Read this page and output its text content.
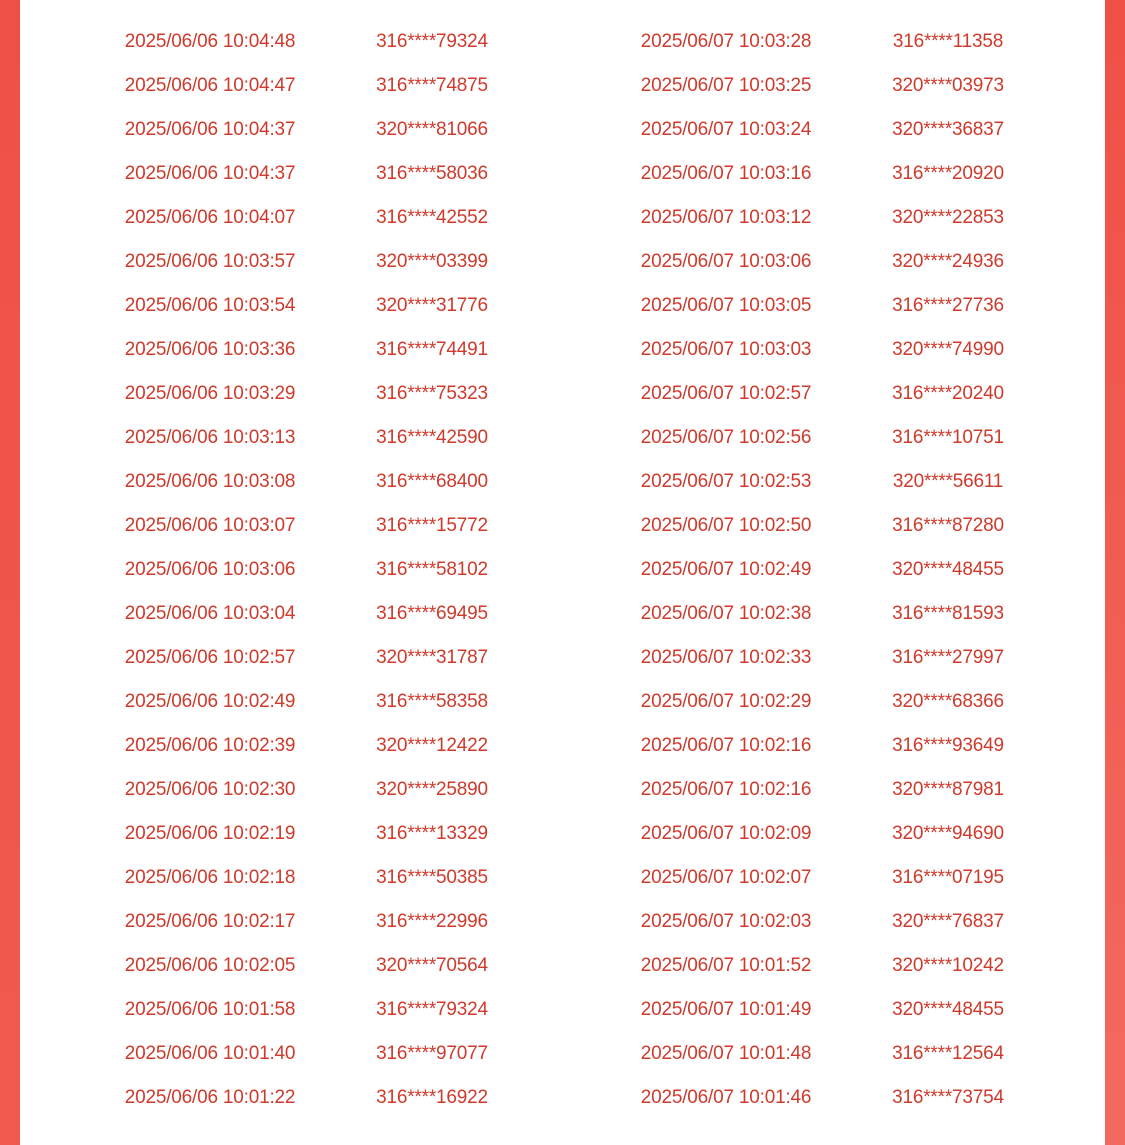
2025/06/06 10:04:48	316****79324	2025/06/07 10:03:28	316****11358
2025/06/06 10:04:47	316****74875	2025/06/07 10:03:25	320****03973
2025/06/06 10:04:37	320****81066	2025/06/07 10:03:24	320****36837
2025/06/06 10:04:37	316****58036	2025/06/07 10:03:16	316****20920
2025/06/06 10:04:07	316****42552	2025/06/07 10:03:12	320****22853
2025/06/06 10:03:57	320****03399	2025/06/07 10:03:06	320****24936
2025/06/06 10:03:54	320****31776	2025/06/07 10:03:05	316****27736
2025/06/06 10:03:36	316****74491	2025/06/07 10:03:03	320****74990
2025/06/06 10:03:29	316****75323	2025/06/07 10:02:57	316****20240
2025/06/06 10:03:13	316****42590	2025/06/07 10:02:56	316****10751
2025/06/06 10:03:08	316****68400	2025/06/07 10:02:53	320****56611
2025/06/06 10:03:07	316****15772	2025/06/07 10:02:50	316****87280
2025/06/06 10:03:06	316****58102	2025/06/07 10:02:49	320****48455
2025/06/06 10:03:04	316****69495	2025/06/07 10:02:38	316****81593
2025/06/06 10:02:57	320****31787	2025/06/07 10:02:33	316****27997
2025/06/06 10:02:49	316****58358	2025/06/07 10:02:29	320****68366
2025/06/06 10:02:39	320****12422	2025/06/07 10:02:16	316****93649
2025/06/06 10:02:30	320****25890	2025/06/07 10:02:16	320****87981
2025/06/06 10:02:19	316****13329	2025/06/07 10:02:09	320****94690
2025/06/06 10:02:18	316****50385	2025/06/07 10:02:07	316****07195
2025/06/06 10:02:17	316****22996	2025/06/07 10:02:03	320****76837
2025/06/06 10:02:05	320****70564	2025/06/07 10:01:52	320****10242
2025/06/06 10:01:58	316****79324	2025/06/07 10:01:49	320****48455
2025/06/06 10:01:40	316****97077	2025/06/07 10:01:48	316****12564
2025/06/06 10:01:22	316****16922	2025/06/07 10:01:46	316****73754
